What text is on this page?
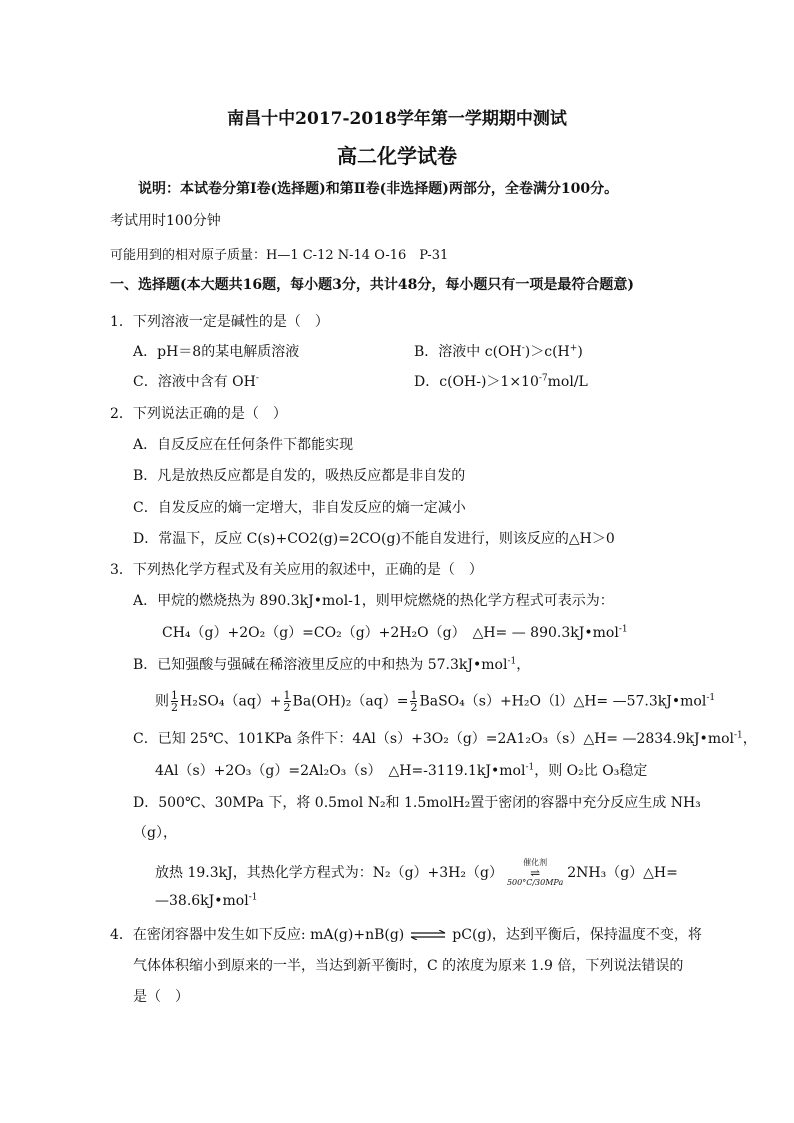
南昌十中2017-2018学年第一学期期中测试
高二化学试卷
说明：本试卷分第Ⅰ卷(选择题)和第Ⅱ卷(非选择题)两部分，全卷满分100分。
考试用时100分钟
可能用到的相对原子质量：H—1 C-12 N-14 O-16　P-31
一、选择题(本大题共16题，每小题3分，共计48分，每小题只有一项是最符合题意)
1．下列溶液一定是碱性的是（　）
A．pH＝8的某电解质溶液	B．溶液中 c(OH-)＞c(H+)
C．溶液中含有 OH-	D．$c(OH-)>1\times 10^{-7}mol/L$
2．下列说法正确的是（　）
A．自反反应在任何条件下都能实现
B．凡是放热反应都是自发的，吸热反应都是非自发的
C．自发反应的熵一定增大，非自发反应的熵一定减小
D．常温下，反应 C(s)+CO2(g)=2CO(g)不能自发进行，则该反应的△H＞0
3．下列热化学方程式及有关应用的叙述中，正确的是（　）
A．甲烷的燃烧热为 890.3kJ•mol-1，则甲烷燃烧的热化学方程式可表示为：
CH₄（g）+2O₂（g）=CO₂（g）+2H₂O（g）　△H= — 890.3kJ•mol$^{-1}$
B．已知强酸与强碱在稀溶液里反应的中和热为 57.3kJ•mol$^{-1}$，
则 $\frac{1}{2} H_2SO_4(aq)+ \frac{1}{2} Ba(OH)_2(aq)= \frac{1}{2}$ BaSO₄（s）+H₂O（l）△H= —57.3kJ•mol$^{-1}$
C．已知 25℃、101KPa 条件下：4Al（s）+3O₂（g）=2A1₂O₃（s）△H= —2834.9kJ•mol$^{-1}$，
4Al（s）+2O₃（g）=2Al₂O₃（s）　△H=-3119.1kJ•mol$^{-1}$，则 O₂比 O₃稳定
D．500℃、30MPa 下，将 0.5mol N₂和 1.5molH₂置于密闭的容器中充分反应生成 NH₃
（g），
放热 19.3kJ，其热化学方程式为：N₂（g）+3H₂（g）
催化剂
⇌
500°C/30MPa
2NH₃（g）△H=
—38.6kJ•mol$^{-1}$
4．在密闭容器中发生如下反应: mA(g)+nB(g) ⇌ pC(g)，达到平衡后，保持温度不变，将
气体体积缩小到原来的一半，当达到新平衡时，C 的浓度为原来 1.9 倍，下列说法错误的
是（　）
